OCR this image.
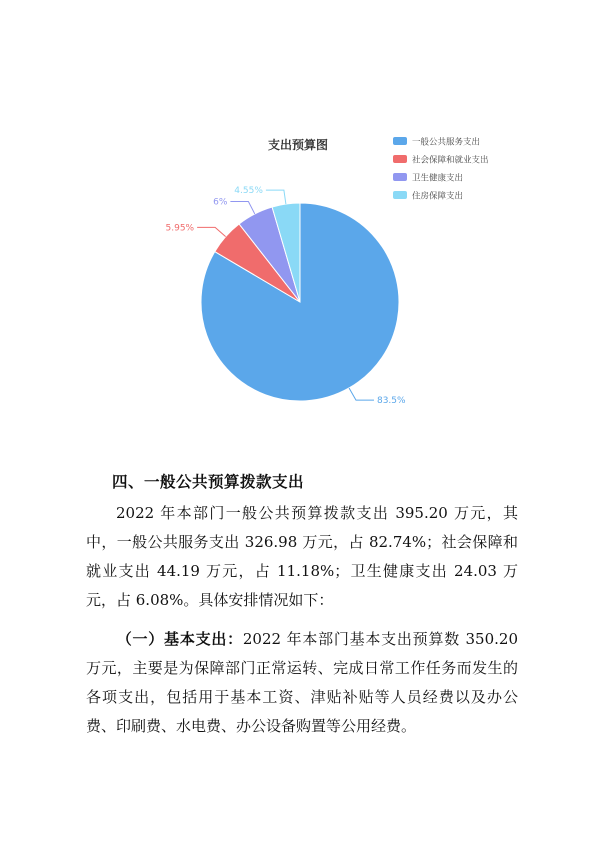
支出预算图
83.5%
5.95%
6%
4.55%
一般公共服务支出
社会保障和就业支出
卫生健康支出
住房保障支出
四、一般公共预算拨款支出
2022 年本部门一般公共预算拨款支出 395.20 万元，其中，一般公共服务支出 326.98 万元，占 82.74%；社会保障和就业支出 44.19 万元，占 11.18%；卫生健康支出 24.03 万元，占 6.08%。具体安排情况如下：
（一）基本支出：2022 年本部门基本支出预算数 350.20 万元，主要是为保障部门正常运转、完成日常工作任务而发生的各项支出，包括用于基本工资、津贴补贴等人员经费以及办公费、印刷费、水电费、办公设备购置等公用经费。
